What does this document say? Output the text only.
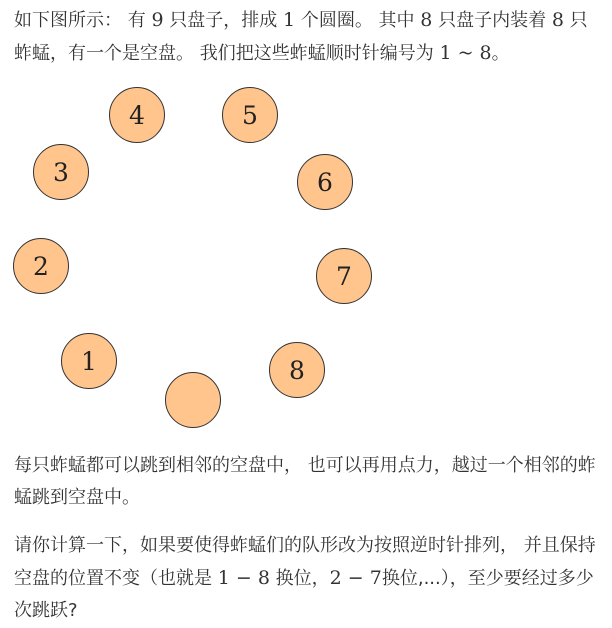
如下图所示： 有 9 只盘子，排成 1 个圆圈。 其中 8 只盘子内装着 8 只蚱蜢，有一个是空盘。 我们把这些蚱蜢顺时针编号为 1 ~ 8。

4	5
3	6
2	7
1	8

每只蚱蜢都可以跳到相邻的空盘中， 也可以再用点力，越过一个相邻的蚱蜢跳到空盘中。

请你计算一下，如果要使得蚱蜢们的队形改为按照逆时针排列， 并且保持空盘的位置不变（也就是 1 − 8 换位，2 − 7换位,...），至少要经过多少次跳跃?
